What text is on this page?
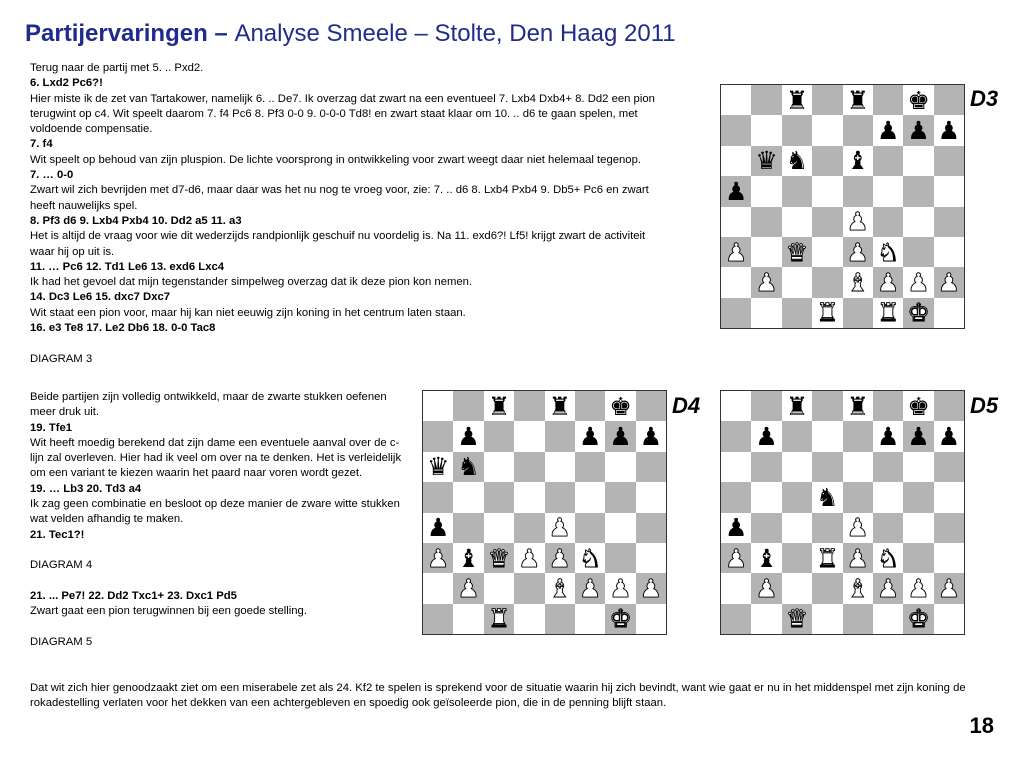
Partijervaringen – Analyse Smeele – Stolte, Den Haag 2011

Terug naar de partij met 5. .. Pxd2.

6. Lxd2 Pc6?!

Hier miste ik de zet van Tartakower, namelijk 6. .. De7. Ik overzag dat zwart na een eventueel 7. Lxb4 Dxb4+ 8. Dd2 een pion terugwint op c4. Wit speelt daarom 7. f4 Pc6 8. Pf3 0-0 9. 0-0-0 Td8! en zwart staat klaar om 10. .. d6 te gaan spelen, met voldoende compensatie.

7. f4

Wit speelt op behoud van zijn pluspion. De lichte voorsprong in ontwikkeling voor zwart weegt daar niet helemaal tegenop.

7. … 0-0

Zwart wil zich bevrijden met d7-d6, maar daar was het nu nog te vroeg voor, zie: 7. .. d6 8. Lxb4 Pxb4 9. Db5+ Pc6 en zwart heeft nauwelijks spel.

8. Pf3 d6 9. Lxb4 Pxb4 10. Dd2 a5 11. a3

Het is altijd de vraag voor wie dit wederzijds randpionlijk geschuif nu voordelig is. Na 11. exd6?! Lf5! krijgt zwart de activiteit waar hij op uit is.

11. … Pc6 12. Td1 Le6 13. exd6 Lxc4

Ik had het gevoel dat mijn tegenstander simpelweg overzag dat ik deze pion kon nemen.

14. Dc3 Le6 15. dxc7 Dxc7

Wit staat een pion voor, maar hij kan niet eeuwig zijn koning in het centrum laten staan.

16. e3 Te8 17. Le2 Db6 18. 0-0 Tac8

DIAGRAM 3

Beide partijen zijn volledig ontwikkeld, maar de zwarte stukken oefenen meer druk uit.

19. Tfe1

Wit heeft moedig berekend dat zijn dame een eventuele aanval over de c-lijn zal overleven. Hier had ik veel om over na te denken. Het is verleidelijk om een variant te kiezen waarin het paard naar voren wordt gezet.

19. … Lb3 20. Td3 a4

Ik zag geen combinatie en besloot op deze manier de zware witte stukken wat velden afhandig te maken.

21. Tec1?!

DIAGRAM 4

21. ... Pe7! 22. Dd2 Txc1+ 23. Dxc1 Pd5

Zwart gaat een pion terugwinnen bij een goede stelling.

DIAGRAM 5

Dat wit zich hier genoodzaakt ziet om een miserabele zet als 24. Kf2 te spelen is sprekend voor de situatie waarin hij zich bevindt, want wie gaat er nu in het middenspel met zijn koning de rokadestelling verlaten voor het dekken van een achtergebleven en spoedig ook geïsoleerde pion, die in de penning blijft staan.
♜ ♜ ♚
♟ ♟ ♟
♛ ♞ ♝
♟
♟
♟ ♛ ♟ ♞
♟	♝ ♟ ♟ ♟
♜ ♜ ♚
D3
♜ ♜ ♚
♟	♟ ♟ ♟
♛ ♞
♟	♟
♟ ♝ ♛ ♟ ♟ ♞
♟	♝ ♟ ♟ ♟
♜	♚
D4	♜ ♜ ♚
♟	♟ ♟ ♟
♞
♟	♟
♟ ♝ ♜ ♟ ♞
♟	♝ ♟ ♟ ♟
♛	♚
D5
18
